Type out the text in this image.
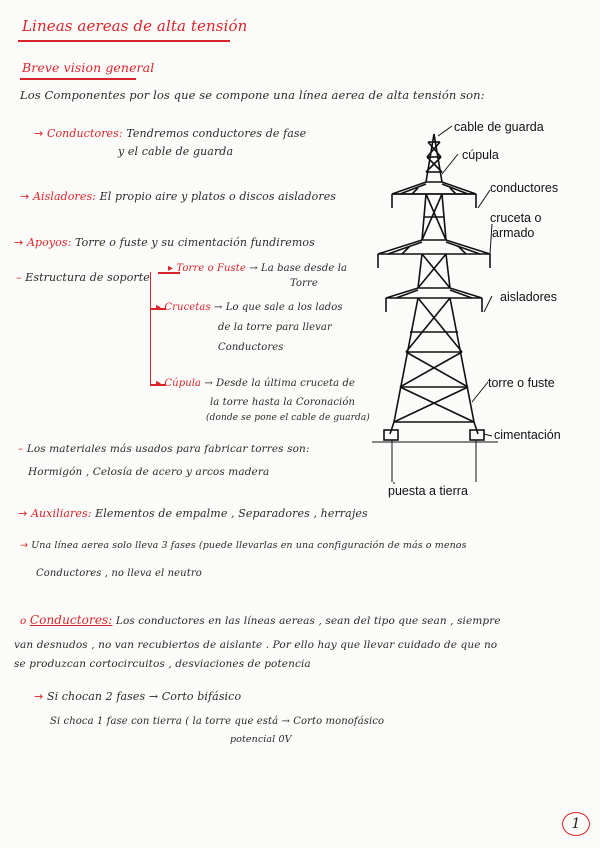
Lineas aereas de alta tensión
Breve vision general
Los Componentes por los que se compone una línea aerea de alta tensión son:
→ Conductores: Tendremos conductores de fase
y el cable de guarda
→ Aisladores: El propio aire y platos o discos aisladores
→ Apoyos: Torre o fuste y su cimentación fundiremos
– Estructura de soporte
▸ Torre o Fuste → La base desde la
Torre
▸ Crucetas → Lo que sale a los lados
de la torre para llevar
Conductores
▸ Cúpula → Desde la última cruceta de
la torre hasta la Coronación
(donde se pone el cable de guarda)
– Los materiales más usados para fabricar torres son:
Hormigón , Celosía de acero y arcos madera
→ Auxiliares: Elementos de empalme , Separadores , herrajes
→ Una línea aerea solo lleva 3 fases (puede llevarlas en una configuración de más o menos
Conductores , no lleva el neutro
o Conductores: Los conductores en las líneas aereas , sean del tipo que sean , siempre
van desnudos , no van recubiertos de aislante . Por ello hay que llevar cuidado de que no
se produzcan cortocircuitos , desviaciones de potencia
→ Si chocan 2 fases → Corto bifásico
Si choca 1 fase con tierra ( la torre que está → Corto monofásico
potencial 0V
cable de guarda
cúpula
conductores
cruceta o
armado
aisladores
torre o fuste
cimentación
puesta a tierra
1
